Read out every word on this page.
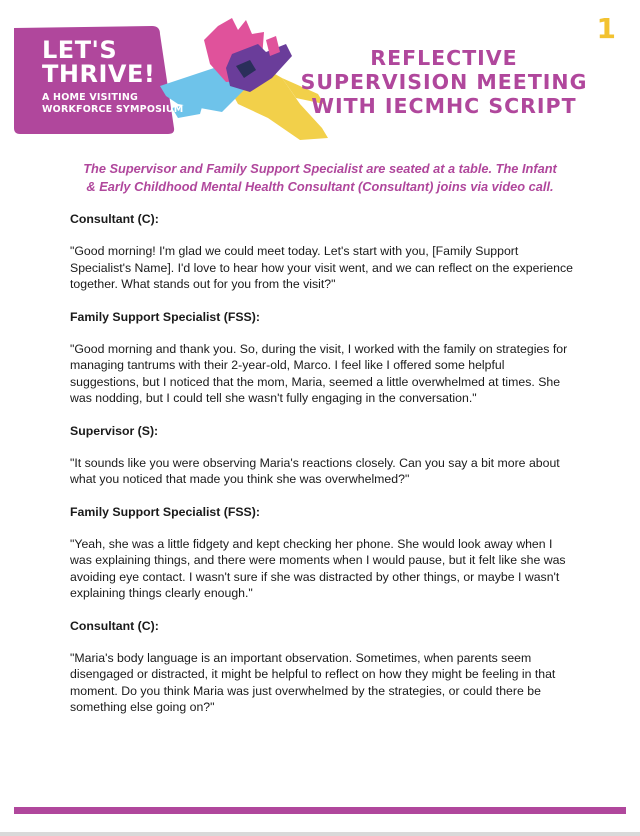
1
LET'S
THRIVE!
A HOME VISITING
WORKFORCE SYMPOSIUM
REFLECTIVE
SUPERVISION MEETING
WITH IECMHC SCRIPT
The Supervisor and Family Support Specialist are seated at a table. The Infant & Early Childhood Mental Health Consultant (Consultant) joins via video call.
Consultant (C):
"Good morning! I'm glad we could meet today. Let's start with you, [Family Support Specialist's Name]. I'd love to hear how your visit went, and we can reflect on the experience together. What stands out for you from the visit?"
Family Support Specialist (FSS):
"Good morning and thank you. So, during the visit, I worked with the family on strategies for managing tantrums with their 2-year-old, Marco. I feel like I offered some helpful suggestions, but I noticed that the mom, Maria, seemed a little overwhelmed at times. She was nodding, but I could tell she wasn't fully engaging in the conversation."
Supervisor (S):
"It sounds like you were observing Maria's reactions closely. Can you say a bit more about what you noticed that made you think she was overwhelmed?"
Family Support Specialist (FSS):
"Yeah, she was a little fidgety and kept checking her phone. She would look away when I was explaining things, and there were moments when I would pause, but it felt like she was avoiding eye contact. I wasn't sure if she was distracted by other things, or maybe I wasn't explaining things clearly enough."
Consultant (C):
"Maria's body language is an important observation. Sometimes, when parents seem disengaged or distracted, it might be helpful to reflect on how they might be feeling in that moment. Do you think Maria was just overwhelmed by the strategies, or could there be something else going on?"
